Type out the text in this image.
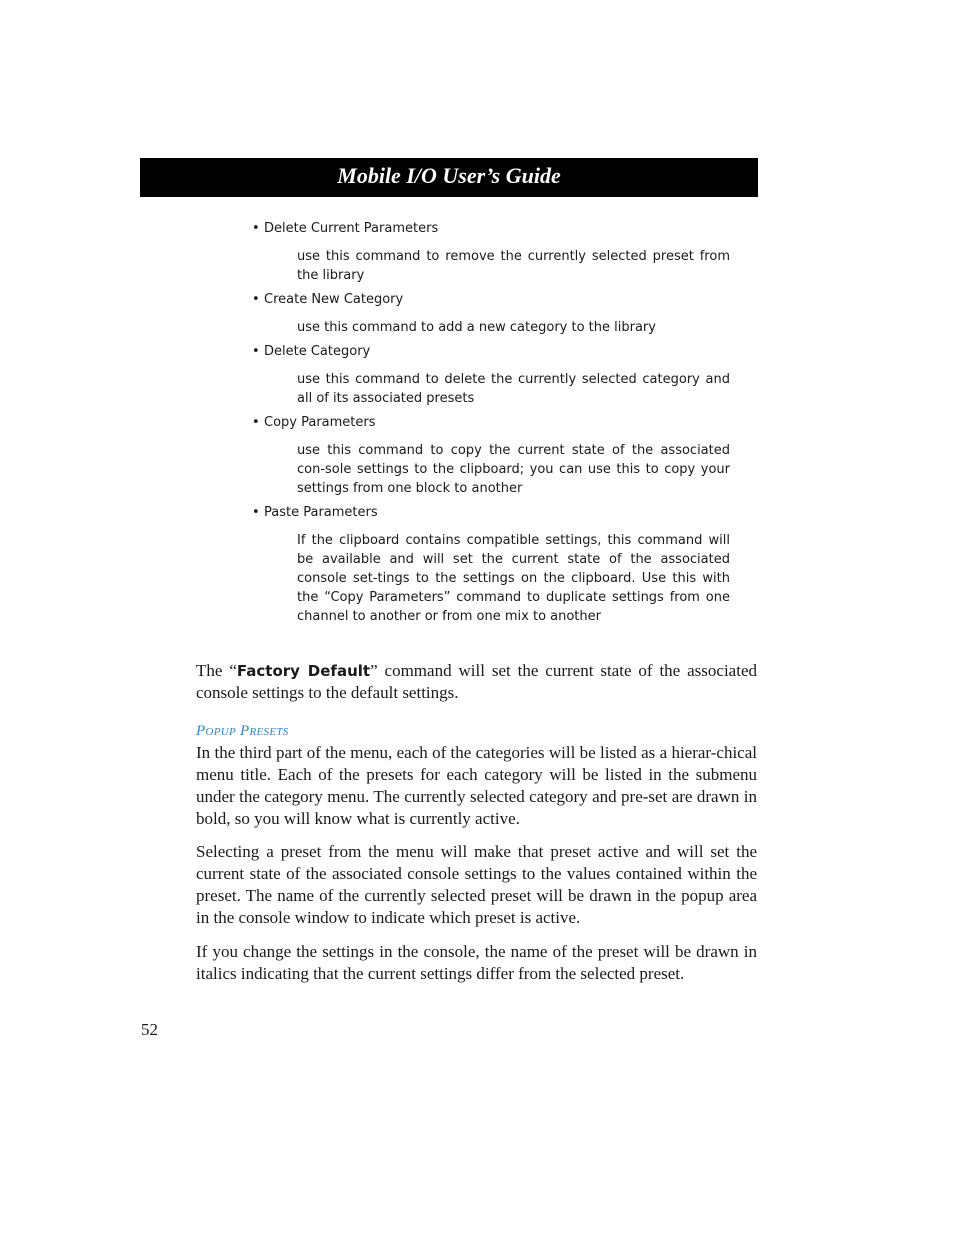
Mobile I/O User’s Guide

• Delete Current Parameters

use this command to remove the currently selected preset from the library

• Create New Category

use this command to add a new category to the library

• Delete Category

use this command to delete the currently selected category and all of its associated presets

• Copy Parameters

use this command to copy the current state of the associated con-sole settings to the clipboard; you can use this to copy your settings from one block to another

• Paste Parameters

If the clipboard contains compatible settings, this command will be available and will set the current state of the associated console set-tings to the settings on the clipboard. Use this with the “Copy Parameters” command to duplicate settings from one channel to another or from one mix to another

The “Factory Default” command will set the current state of the associated console settings to the default settings.

Popup Presets

In the third part of the menu, each of the categories will be listed as a hierar-chical menu title. Each of the presets for each category will be listed in the submenu under the category menu. The currently selected category and pre-set are drawn in bold, so you will know what is currently active.

Selecting a preset from the menu will make that preset active and will set the current state of the associated console settings to the values contained within the preset. The name of the currently selected preset will be drawn in the popup area in the console window to indicate which preset is active.

If you change the settings in the console, the name of the preset will be drawn in italics indicating that the current settings differ from the selected preset.

52
